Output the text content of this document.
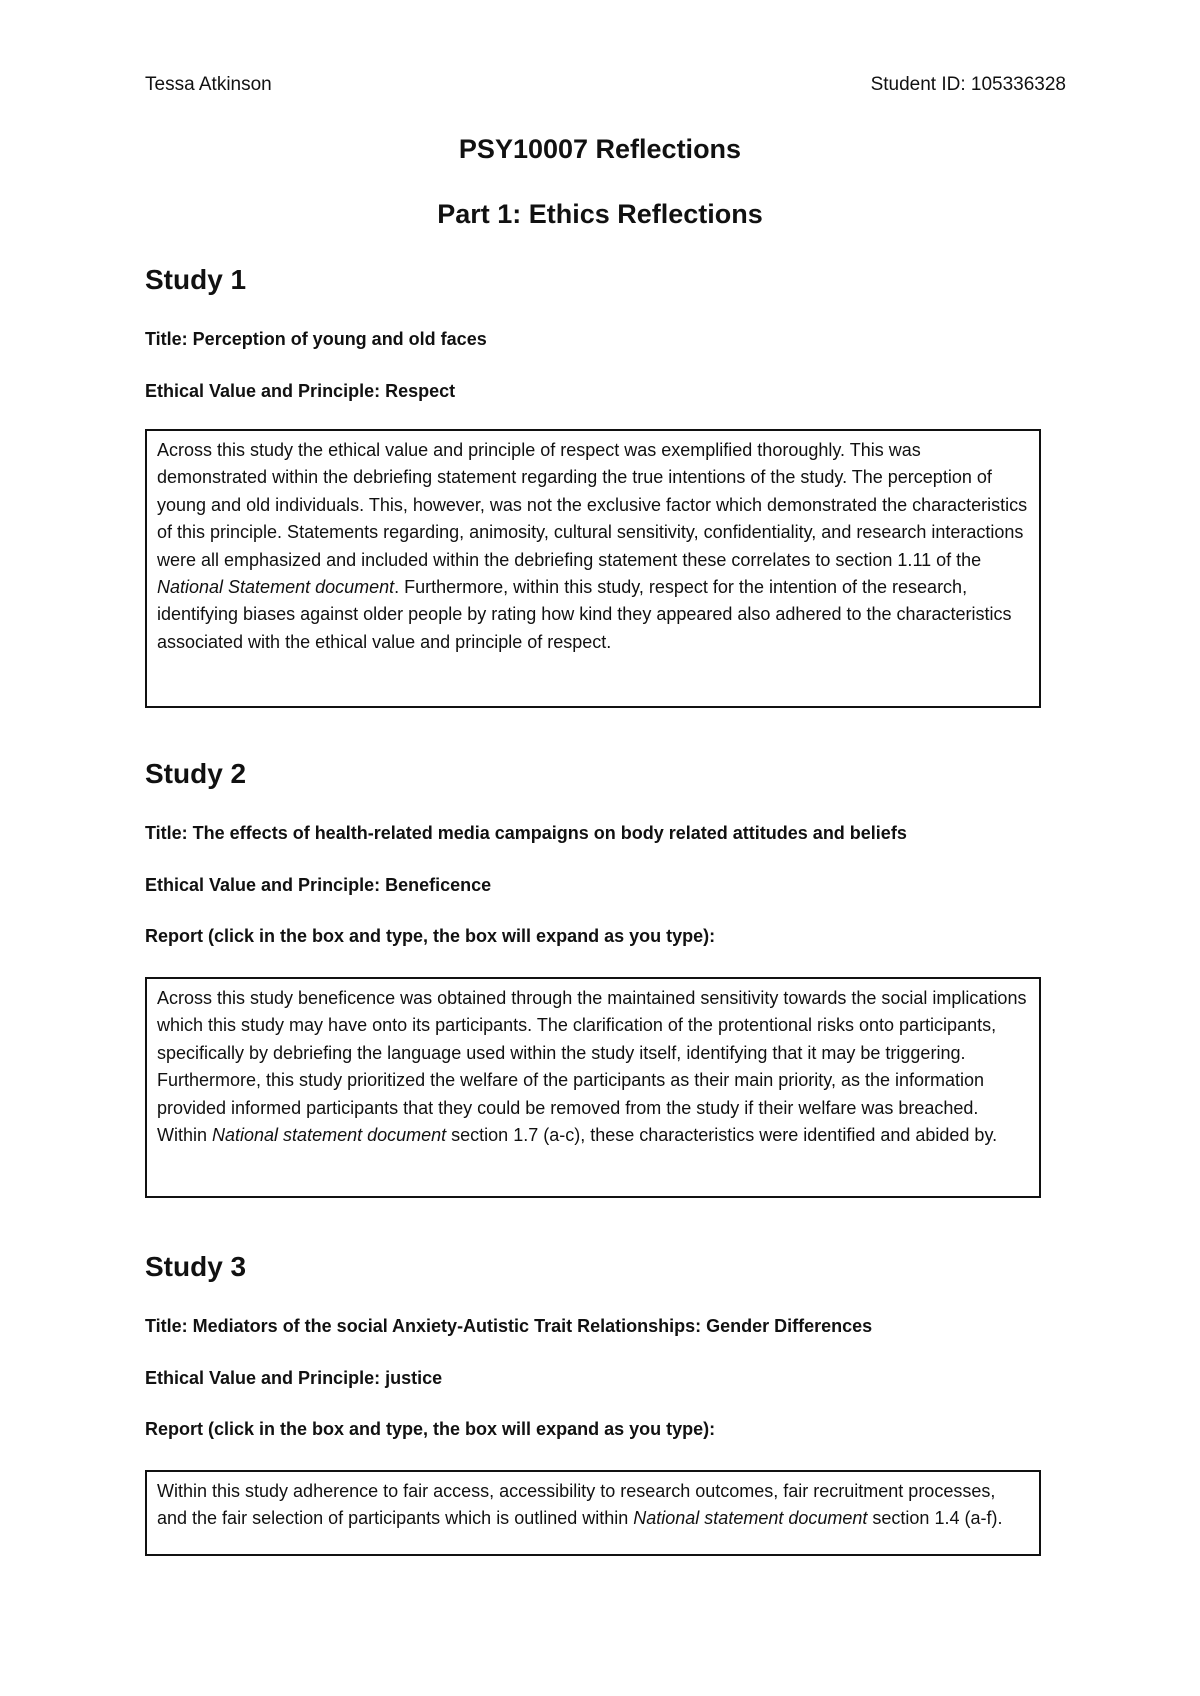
Tessa Atkinson	Student ID: 105336328
PSY10007 Reflections
Part 1: Ethics Reflections
Study 1
Title: Perception of young and old faces
Ethical Value and Principle: Respect

Across this study the ethical value and principle of respect was exemplified thoroughly. This was demonstrated within the debriefing statement regarding the true intentions of the study. The perception of young and old individuals. This, however, was not the exclusive factor which demonstrated the characteristics of this principle. Statements regarding, animosity, cultural sensitivity, confidentiality, and research interactions were all emphasized and included within the debriefing statement these correlates to section 1.11 of the National Statement document. Furthermore, within this study, respect for the intention of the research, identifying biases against older people by rating how kind they appeared also adhered to the characteristics associated with the ethical value and principle of respect.

Study 2
Title: The effects of health-related media campaigns on body related attitudes and beliefs
Ethical Value and Principle: Beneficence
Report (click in the box and type, the box will expand as you type):

Across this study beneficence was obtained through the maintained sensitivity towards the social implications which this study may have onto its participants. The clarification of the protentional risks onto participants, specifically by debriefing the language used within the study itself, identifying that it may be triggering. Furthermore, this study prioritized the welfare of the participants as their main priority, as the information provided informed participants that they could be removed from the study if their welfare was breached. Within National statement document section 1.7 (a-c), these characteristics were identified and abided by.

Study 3
Title: Mediators of the social Anxiety-Autistic Trait Relationships: Gender Differences
Ethical Value and Principle: justice
Report (click in the box and type, the box will expand as you type):

Within this study adherence to fair access, accessibility to research outcomes, fair recruitment processes, and the fair selection of participants which is outlined within National statement document section 1.4 (a-f).
